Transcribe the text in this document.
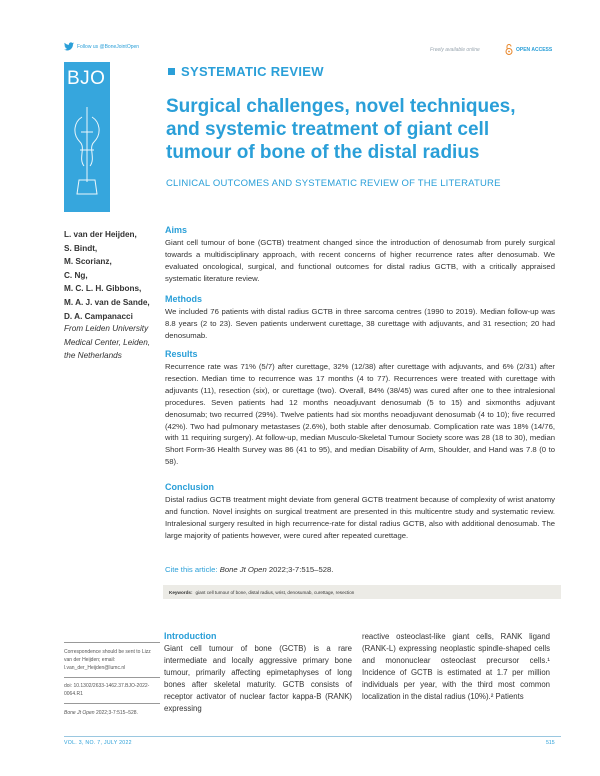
Follow us @BoneJointOpen
Freely available online	OPEN ACCESS
BJO	SYSTEMATIC REVIEW
Surgical challenges, novel techniques,
and systemic treatment of giant cell
tumour of bone of the distal radius
CLINICAL OUTCOMES AND SYSTEMATIC REVIEW OF THE LITERATURE
L. van der Heijden,
S. Bindt,
M. Scorianz,
C. Ng,
M. C. L. H. Gibbons,
M. A. J. van de Sande,
D. A. Campanacci
From Leiden University
Medical Center, Leiden,
the Netherlands
Aims

Giant cell tumour of bone (GCTB) treatment changed since the introduction of denosumab from purely surgical towards a multidisciplinary approach, with recent concerns of higher recurrence rates after denosumab. We evaluated oncological, surgical, and functional outcomes for distal radius GCTB, with a critically appraised systematic literature review.

Methods

We included 76 patients with distal radius GCTB in three sarcoma centres (1990 to 2019). Median follow-up was 8.8 years (2 to 23). Seven patients underwent curettage, 38 curettage with adjuvants, and 31 resection; 20 had denosumab.

Results

Recurrence rate was 71% (5/7) after curettage, 32% (12/38) after curettage with adjuvants, and 6% (2/31) after resection. Median time to recurrence was 17 months (4 to 77). Recurrences were treated with curettage with adjuvants (11), resection (six), or curettage (two). Overall, 84% (38/45) was cured after one to thee intralesional procedures. Seven patients had 12 months neoadjuvant denosumab (5 to 15) and sixmonths adjuvant denosumab; two recurred (29%). Twelve patients had six months neoadjuvant denosumab (4 to 10); five recurred (42%). Two had pulmonary metastases (2.6%), both stable after denosumab. Complication rate was 18% (14/76, with 11 requiring surgery). At follow-up, median Musculo-Skeletal Tumour Society score was 28 (18 to 30), median Short Form-36 Health Survey was 86 (41 to 95), and median Disability of Arm, Shoulder, and Hand was 7.8 (0 to 58).

Conclusion

Distal radius GCTB treatment might deviate from general GCTB treatment because of complexity of wrist anatomy and function. Novel insights on surgical treatment are presented in this multicentre study and systematic review. Intralesional surgery resulted in high recurrence-rate for distal radius GCTB, also with additional denosumab. The large majority of patients however, were cured after repeated curettage.

Cite this article: Bone Jt Open 2022;3-7:515–528.
Keywords: giant cell tumour of bone, distal radius, wrist, denosumab, curettage, resection
Correspondence should be sent to Lizz van der Heijden; email: l.van_der_Heijden@lumc.nl
doi: 10.1302/2633-1462.37.BJO-2022-0064.R1
Bone Jt Open 2022;3-7:515–528.
Introduction
Giant cell tumour of bone (GCTB) is a rare intermediate and locally aggressive primary bone tumour, primarily affecting epimetaphyses of long bones after skeletal maturity. GCTB consists of receptor activator of nuclear factor kappa-B (RANK) expressing
reactive osteoclast-like giant cells, RANK ligand (RANK-L) expressing neoplastic spindle-shaped cells and mononuclear osteoclast precursor cells.¹ Incidence of GCTB is estimated at 1.7 per million individuals per year, with the third most common localization in the distal radius (10%).² Patients
VOL. 3, NO. 7, JULY 2022	515
